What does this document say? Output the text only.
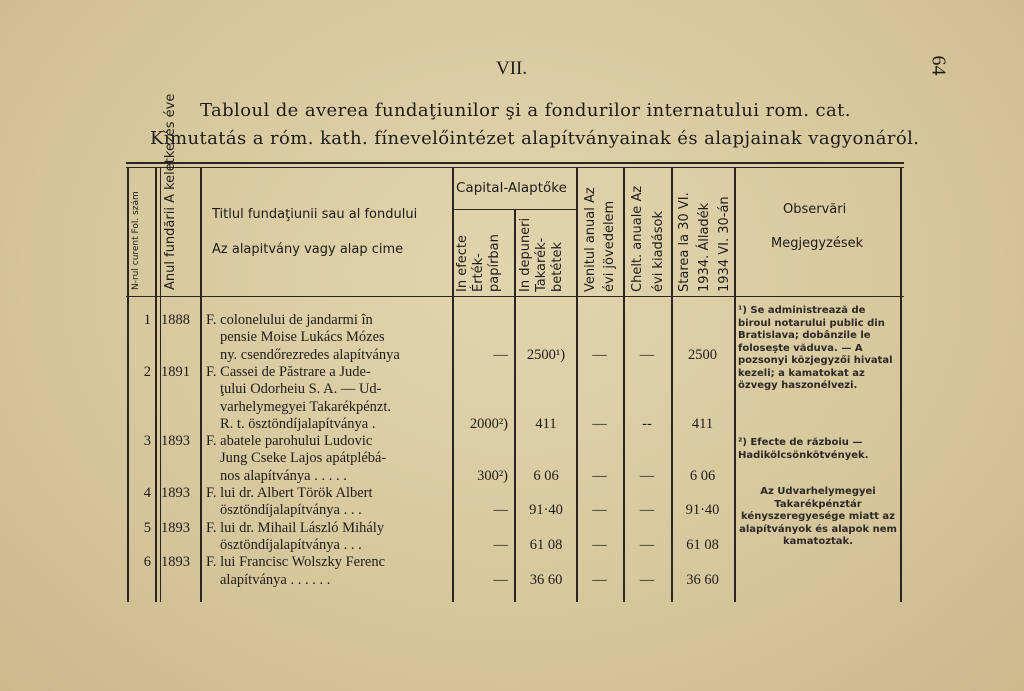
VII.	64
Tabloul de averea fundaţiunilor şi a fondurilor internatului rom. cat.
Kimutatás a róm. kath. fínevelőintézet alapítványainak és alapjainak vagyonáról.
N-rul curent Fol. szám Anul fundării A keletkezés éve	In efecte Érték-papírban In depuneri Takarék-betétek Venitul anual Az évi jövedelem Chelt. anuale Az évi kiadások Starea la 30 VI. 1934. Álladék 1934 VI. 30-án
Titlul fundaţiunii sau al fondului
Az alapitvány vagy alap cime
Capital-Alaptőke
Observări
Megjegyzések
1 1888 F. colonelului de jandarmi în
pensie Moise Lukács Mózes
ny. csendőrezredes alapítványa	—	2500¹)	—	—	2500
2 1891 F. Cassei de Păstrare a Jude-
ţului Odorheiu S. A. — Ud-
varhelymegyei Takarékpénzt.
R. t. ösztöndíjalapítványa .	2000²)	411	—	--	411
3 1893 F. abatele parohului Ludovic
Jung Cseke Lajos apátplébá-
nos alapítványa . . . . .	300²)	6 06	—	—	6 06
4 1893 F. lui dr. Albert Török Albert
ösztöndíjalapítványa . . .	—	91·40	—	—	91·40
5 1893 F. lui dr. Mihail László Mihály
ösztöndíjalapítványa . . .	—	61 08	—	—	61 08
6 1893 F. lui Francisc Wolszky Ferenc
alapítványa . . . . . .	—	36 60	—	—	36 60
¹) Se administrează de biroul notarului public din Bratislava; dobânzile le foloseşte văduva. — A pozsonyi közjegyzői hivatal kezeli; a kamatokat az özvegy haszonélvezi.
²) Efecte de războiu — Hadikölcsönkötvények.
Az Udvarhelymegyei Takarékpénztár kényszeregyesége miatt az alapítványok és alapok nem kamatoztak.
